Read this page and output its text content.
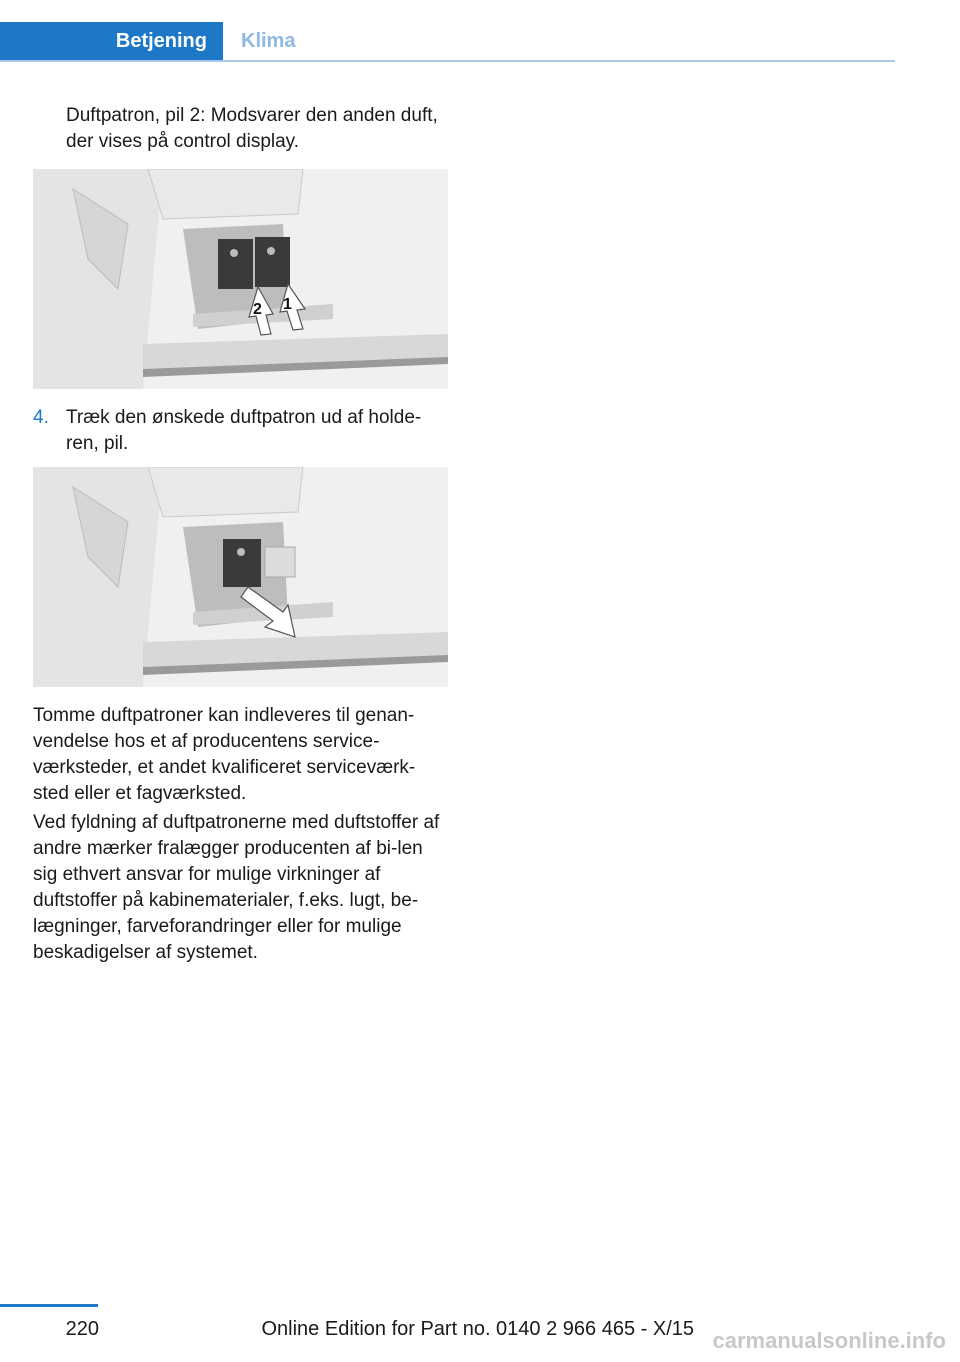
Betjening	Klima
Duftpatron, pil 2: Modsvarer den anden duft, der vises på control display.
2 1
4. Træk den ønskede duftpatron ud af holde‐ren, pil.
Tomme duftpatroner kan indleveres til genan‐vendelse hos et af producentens service‐værksteder, et andet kvalificeret serviceværk‐sted eller et fagværksted.
Ved fyldning af duftpatronerne med duftstoffer af andre mærker fralægger producenten af bi‐len sig ethvert ansvar for mulige virkninger af duftstoffer på kabinematerialer, f.eks. lugt, be‐lægninger, farveforandringer eller for mulige beskadigelser af systemet.
220	Online Edition for Part no. 0140 2 966 465 - X/15 carmanualsonline.info
